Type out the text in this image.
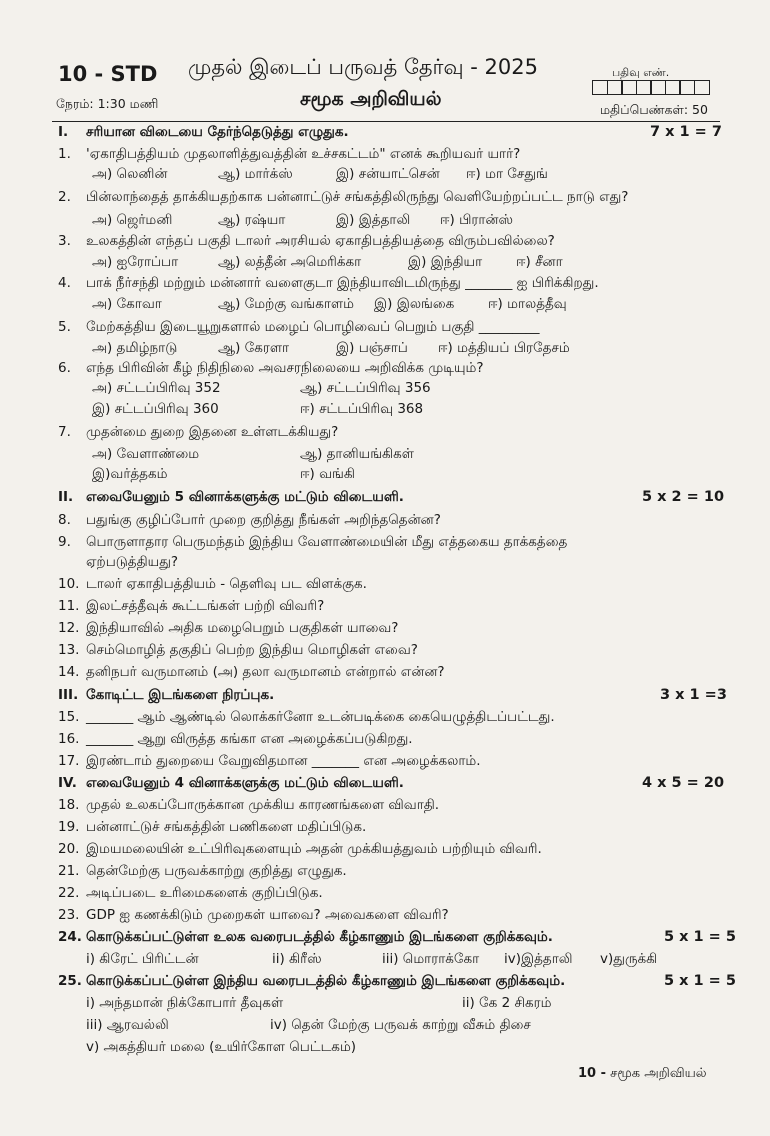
10 - STD முதல் இடைப் பருவத் தேர்வு - 2025	பதிவு எண்.
நேரம்: 1:30 மணி	சமூக அறிவியல்	மதிப்பெண்கள்: 50
I. சரியான விடையை தேர்ந்தெடுத்து எழுதுக.	7 x 1 = 7
1. 'ஏகாதிபத்தியம் முதலாளித்துவத்தின் உச்சகட்டம்" எனக் கூறியவர் யார்?
அ) லெனின்	ஆ) மார்க்ஸ்	இ) சன்யாட்சென் ஈ) மா சேதுங்
2. பின்லாந்தைத் தாக்கியதற்காக பன்னாட்டுச் சங்கத்திலிருந்து வெளியேற்றப்பட்ட நாடு எது?
அ) ஜெர்மனி	ஆ) ரஷ்யா	இ) இத்தாலி ஈ) பிரான்ஸ்
3. உலகத்தின் எந்தப் பகுதி டாலர் அரசியல் ஏகாதிபத்தியத்தை விரும்பவில்லை?
அ) ஐரோப்பா	ஆ) லத்தீன் அமெரிக்கா	இ) இந்தியா	ஈ) சீனா
4. பாக் நீர்சந்தி மற்றும் மன்னார் வளைகுடா இந்தியாவிடமிருந்து _______ ஐ பிரிக்கிறது.
அ) கோவா	ஆ) மேற்கு வங்காளம் இ) இலங்கை ஈ) மாலத்தீவு
5. மேற்கத்திய இடையூறுகளால் மழைப் பொழிவைப் பெறும் பகுதி _________
அ) தமிழ்நாடு	ஆ) கேரளா	இ) பஞ்சாப் ஈ) மத்தியப் பிரதேசம்
6. எந்த பிரிவின் கீழ் நிதிநிலை அவசரநிலையை அறிவிக்க முடியும்?
அ) சட்டப்பிரிவு 352	ஆ) சட்டப்பிரிவு 356
இ) சட்டப்பிரிவு 360	ஈ) சட்டப்பிரிவு 368
7. முதன்மை துறை இதனை உள்ளடக்கியது?
அ) வேளாண்மை	ஆ) தானியங்கிகள்
இ)வர்த்தகம்	ஈ) வங்கி
II. எவையேனும் 5 வினாக்களுக்கு மட்டும் விடையளி.	5 x 2 = 10
8. பதுங்கு குழிப்போர் முறை குறித்து நீங்கள் அறிந்ததென்ன?
9. பொருளாதார பெருமந்தம் இந்திய வேளாண்மையின் மீது எத்தகைய தாக்கத்தை
ஏற்படுத்தியது?
10. டாலர் ஏகாதிபத்தியம் - தெளிவு பட விளக்குக.
11. இலட்சத்தீவுக் கூட்டங்கள் பற்றி விவரி?
12. இந்தியாவில் அதிக மழைபெறும் பகுதிகள் யாவை?
13. செம்மொழித் தகுதிப் பெற்ற இந்திய மொழிகள் எவை?
14. தனிநபர் வருமானம் (அ) தலா வருமானம் என்றால் என்ன?
III. கோடிட்ட இடங்களை நிரப்புக.	3 x 1 =3
15. _______ ஆம் ஆண்டில் லொக்கர்னோ உடன்படிக்கை கையெழுத்திடப்பட்டது.
16. _______ ஆறு விருத்த கங்கா என அழைக்கப்படுகிறது.
17. இரண்டாம் துறையை வேறுவிதமான _______ என அழைக்கலாம்.
IV. எவையேனும் 4 வினாக்களுக்கு மட்டும் விடையளி.	4 x 5 = 20
18. முதல் உலகப்போருக்கான முக்கிய காரணங்களை விவாதி.
19. பன்னாட்டுச் சங்கத்தின் பணிகளை மதிப்பிடுக.
20. இமயமலையின் உட்பிரிவுகளையும் அதன் முக்கியத்துவம் பற்றியும் விவரி.
21. தென்மேற்கு பருவக்காற்று குறித்து எழுதுக.
22. அடிப்படை உரிமைகளைக் குறிப்பிடுக.
23. GDP ஐ கணக்கிடும் முறைகள் யாவை? அவைகளை விவரி?
24. கொடுக்கப்பட்டுள்ள உலக வரைபடத்தில் கீழ்காணும் இடங்களை குறிக்கவும்.	5 x 1 = 5
i) கிரேட் பிரிட்டன்	ii) கிரீஸ்	iii) மொராக்கோ iv)இத்தாலி v)துருக்கி
25. கொடுக்கப்பட்டுள்ள இந்திய வரைபடத்தில் கீழ்காணும் இடங்களை குறிக்கவும்.	5 x 1 = 5
i) அந்தமான் நிக்கோபார் தீவுகள்	ii) கே 2 சிகரம்
iii) ஆரவல்லி	iv) தென் மேற்கு பருவக் காற்று வீசும் திசை
v) அகத்தியர் மலை (உயிர்கோள பெட்டகம்)
10 - சமூக அறிவியல்
